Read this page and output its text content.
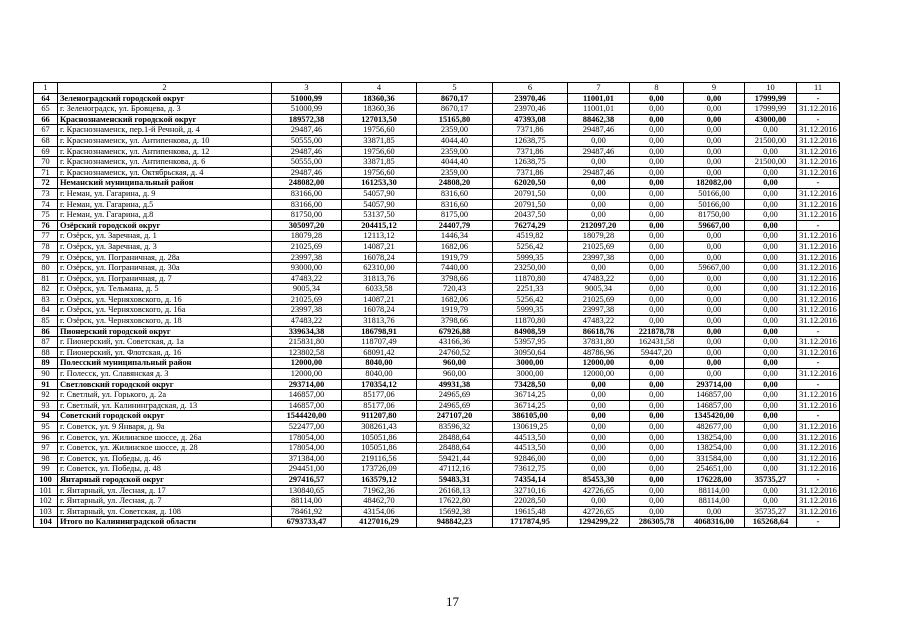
1	2	3	4	5	6	7	8	9	10	11
64	Зеленоградский городской округ	51000,99	18360,36	8670,17	23970,46	11001,01	0,00	0,00	17999,99	-
65	г. Зеленоградск, ул. Бровцева, д. 3	51000,99	18360,36	8670,17	23970,46	11001,01	0,00	0,00	17999,99	31.12.2016
66	Краснознаменский городской округ	189572,38	127013,50	15165,80	47393,08	88462,38	0,00	0,00	43000,00	-
67	г. Краснознаменск, пер.1-й Речной, д. 4	29487,46	19756,60	2359,00	7371,86	29487,46	0,00	0,00	0,00	31.12.2016
68	г. Краснознаменск, ул. Антипенкова, д. 10	50555,00	33871,85	4044,40	12638,75	0,00	0,00	0,00	21500,00	31.12.2016
69	г. Краснознаменск, ул. Антипенкова, д. 12	29487,46	19756,60	2359,00	7371,86	29487,46	0,00	0,00	0,00	31.12.2016
70	г. Краснознаменск, ул. Антипенкова, д. 6	50555,00	33871,85	4044,40	12638,75	0,00	0,00	0,00	21500,00	31.12.2016
71	г. Краснознаменск, ул. Октябрьская, д. 4	29487,46	19756,60	2359,00	7371,86	29487,46	0,00	0,00	0,00	31.12.2016
72	Неманский муниципальный район	248082,00	161253,30	24808,20	62020,50	0,00	0,00	182082,00	0,00	-
73	г. Неман, ул. Гагарина, д. 9	83166,00	54057,90	8316,60	20791,50	0,00	0,00	50166,00	0,00	31.12.2016
74	г. Неман, ул. Гагарина, д.5	83166,00	54057,90	8316,60	20791,50	0,00	0,00	50166,00	0,00	31.12.2016
75	г. Неман, ул. Гагарина, д.8	81750,00	53137,50	8175,00	20437,50	0,00	0,00	81750,00	0,00	31.12.2016
76	Озёрский городской округ	305097,20	204415,12	24407,79	76274,29	212097,20	0,00	59667,00	0,00	-
77	г. Озёрск, ул. Заречная, д. 1	18079,28	12113,12	1446,34	4519,82	18079,28	0,00	0,00	0,00	31.12.2016
78	г. Озёрск, ул. Заречная, д. 3	21025,69	14087,21	1682,06	5256,42	21025,69	0,00	0,00	0,00	31.12.2016
79	г. Озёрск, ул. Пограничная, д. 28а	23997,38	16078,24	1919,79	5999,35	23997,38	0,00	0,00	0,00	31.12.2016
80	г. Озёрск, ул. Пограничная, д. 30а	93000,00	62310,00	7440,00	23250,00	0,00	0,00	59667,00	0,00	31.12.2016
81	г. Озёрск, ул. Пограничная, д. 7	47483,22	31813,76	3798,66	11870,80	47483,22	0,00	0,00	0,00	31.12.2016
82	г. Озёрск, ул. Тельмана, д. 5	9005,34	6033,58	720,43	2251,33	9005,34	0,00	0,00	0,00	31.12.2016
83	г. Озёрск, ул. Черняховского, д. 16	21025,69	14087,21	1682,06	5256,42	21025,69	0,00	0,00	0,00	31.12.2016
84	г. Озёрск, ул. Черняховского, д. 16а	23997,38	16078,24	1919,79	5999,35	23997,38	0,00	0,00	0,00	31.12.2016
85	г. Озёрск, ул. Черняховского, д. 18	47483,22	31813,76	3798,66	11870,80	47483,22	0,00	0,00	0,00	31.12.2016
86	Пионерский городской округ	339634,38	186798,91	67926,88	84908,59	86618,76	221878,78	0,00	0,00	-
87	г. Пионерский, ул. Советская, д. 1а	215831,80	118707,49	43166,36	53957,95	37831,80	162431,58	0,00	0,00	31.12.2016
88	г. Пионерский, ул. Флотская, д. 16	123802,58	68091,42	24760,52	30950,64	48786,96	59447,20	0,00	0,00	31.12.2016
89	Полесский муниципальный район	12000,00	8040,00	960,00	3000,00	12000,00	0,00	0,00	0,00	-
90	г. Полесск, ул. Славянская д. 3	12000,00	8040,00	960,00	3000,00	12000,00	0,00	0,00	0,00	31.12.2016
91	Светловский городской округ	293714,00	170354,12	49931,38	73428,50	0,00	0,00	293714,00	0,00	-
92	г. Светлый, ул. Горького, д. 2а	146857,00	85177,06	24965,69	36714,25	0,00	0,00	146857,00	0,00	31.12.2016
93	г. Светлый, ул. Калининградская, д. 13	146857,00	85177,06	24965,69	36714,25	0,00	0,00	146857,00	0,00	31.12.2016
94	Советский городской округ	1544420,00	911207,80	247107,20	386105,00	0,00	0,00	1345420,00	0,00	-
95	г. Советск, ул. 9 Января, д. 9а	522477,00	308261,43	83596,32	130619,25	0,00	0,00	482677,00	0,00	31.12.2016
96	г. Советск, ул. Жилинское шоссе, д. 26а	178054,00	105051,86	28488,64	44513,50	0,00	0,00	138254,00	0,00	31.12.2016
97	г. Советск, ул. Жилинское шоссе, д. 28	178054,00	105051,86	28488,64	44513,50	0,00	0,00	138254,00	0,00	31.12.2016
98	г. Советск, ул. Победы, д. 46	371384,00	219116,56	59421,44	92846,00	0,00	0,00	331584,00	0,00	31.12.2016
99	г. Советск, ул. Победы, д. 48	294451,00	173726,09	47112,16	73612,75	0,00	0,00	254651,00	0,00	31.12.2016
100	Янтарный городской округ	297416,57	163579,12	59483,31	74354,14	85453,30	0,00	176228,00	35735,27	-
101	г. Янтарный, ул. Лесная, д. 17	130840,65	71962,36	26168,13	32710,16	42726,65	0,00	88114,00	0,00	31.12.2016
102	г. Янтарный, ул. Лесная, д. 7	88114,00	48462,70	17622,80	22028,50	0,00	0,00	88114,00	0,00	31.12.2016
103	г. Янтарный, ул. Советская, д. 108	78461,92	43154,06	15692,38	19615,48	42726,65	0,00	0,00	35735,27	31.12.2016
104	Итого по Калининградской области	6793733,47	4127016,29	948842,23	1717874,95	1294299,22	286305,78	4068316,00	165268,64	-
17
